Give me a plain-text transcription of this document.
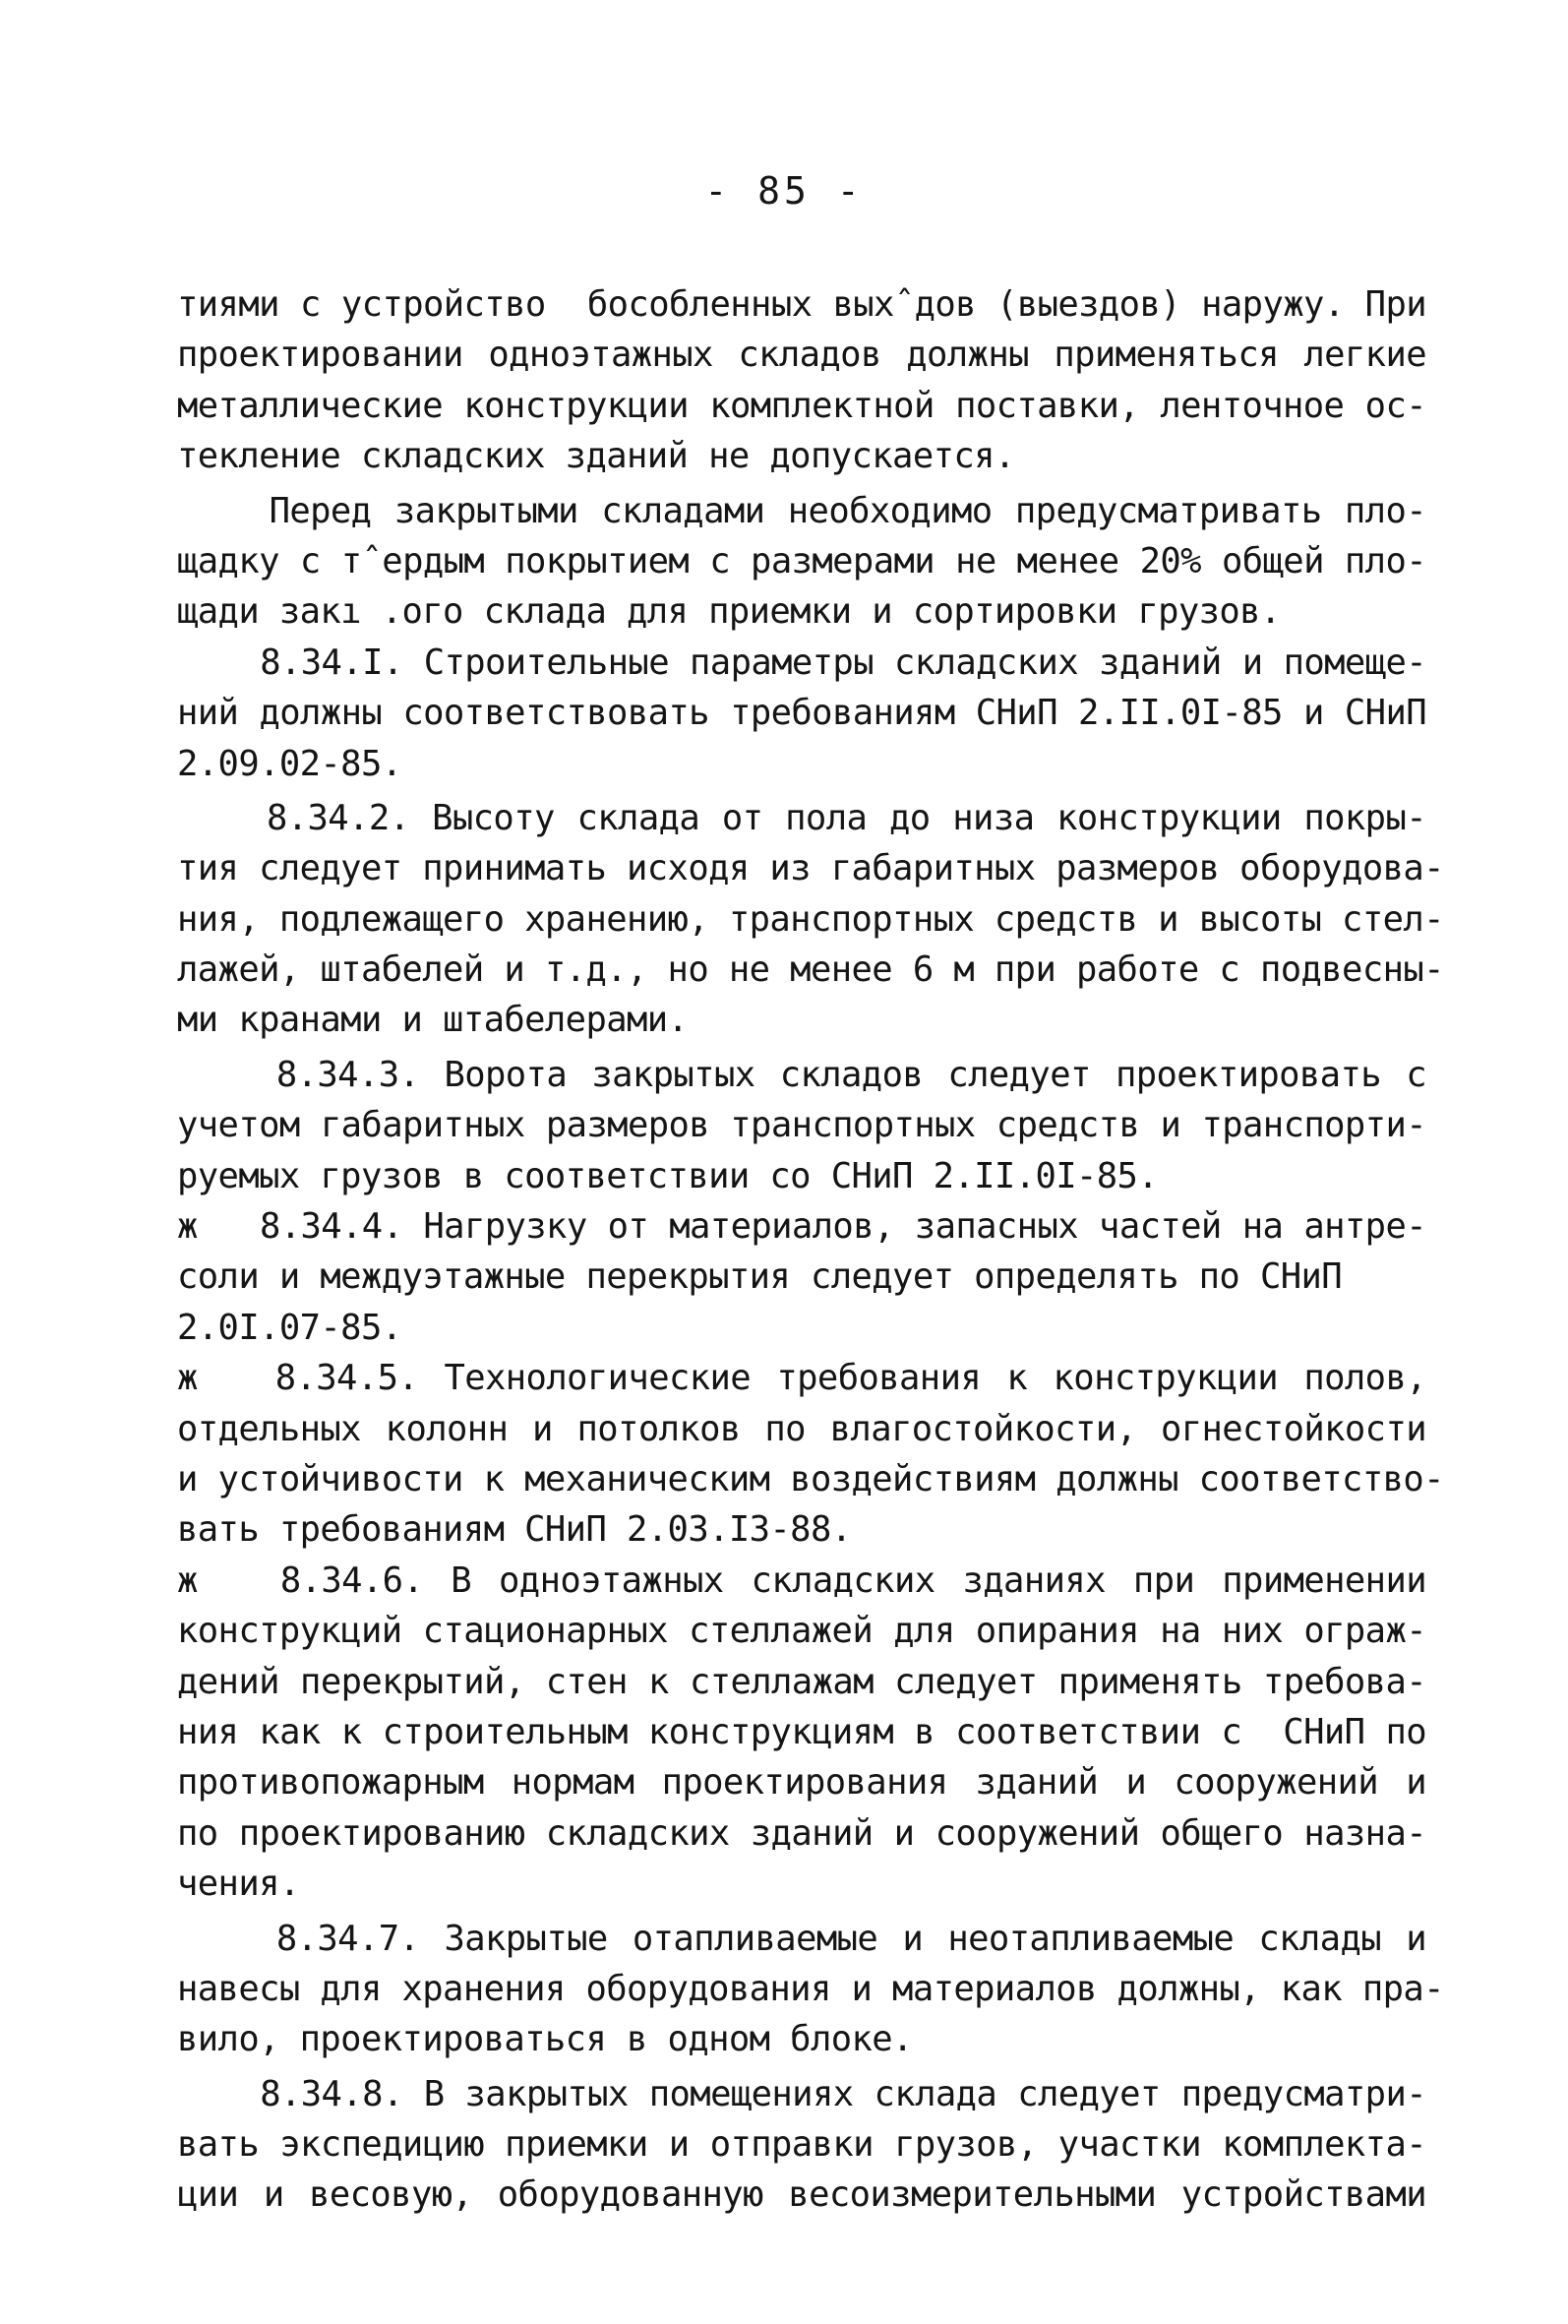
- 85 -
тиями с устройство  бособленных выхˆдов (выездов) наружу. При
проектировании одноэтажных складов должны применяться легкие
металлические конструкции комплектной поставки, ленточное ос-
текление складских зданий не допускается.
Перед закрытыми складами необходимо предусматривать пло-
щадку с тˆердым покрытием с размерами не менее 20% общей пло-
щади закı .ого склада для приемки и сортировки грузов.
8.34.I. Строительные параметры складских зданий и помеще-
ний должны соответствовать требованиям СНиП 2.II.0I-85 и СНиП
2.09.02-85.
8.34.2. Высоту склада от пола до низа конструкции покры-
тия следует принимать исходя из габаритных размеров оборудова-
ния, подлежащего хранению, транспортных средств и высоты стел-
лажей, штабелей и т.д., но не менее 6 м при работе с подвесны-
ми кранами и штабелерами.
8.34.3. Ворота закрытых складов следует проектировать с
учетом габаритных размеров транспортных средств и транспорти-
руемых грузов в соответствии со СНиП 2.II.0I-85.
ж   8.34.4. Нагрузку от материалов, запасных частей на антре-
соли и междуэтажные перекрытия следует определять по СНиП
2.0I.07-85.
ж   8.34.5. Технологические требования к конструкции полов,
отдельных колонн и потолков по влагостойкости, огнестойкости
и устойчивости к механическим воздействиям должны соответство-
вать требованиям СНиП 2.03.I3-88.
ж   8.34.6. В одноэтажных складских зданиях при применении
конструкций стационарных стеллажей для опирания на них ограж-
дений перекрытий, стен к стеллажам следует применять требова-
ния как к строительным конструкциям в соответствии с  СНиП по
противопожарным нормам проектирования зданий и сооружений и
по проектированию складских зданий и сооружений общего назна-
чения.
8.34.7. Закрытые отапливаемые и неотапливаемые склады и
навесы для хранения оборудования и материалов должны, как пра-
вило, проектироваться в одном блоке.
8.34.8. В закрытых помещениях склада следует предусматри-
вать экспедицию приемки и отправки грузов, участки комплекта-
ции и весовую, оборудованную весоизмерительными устройствами
